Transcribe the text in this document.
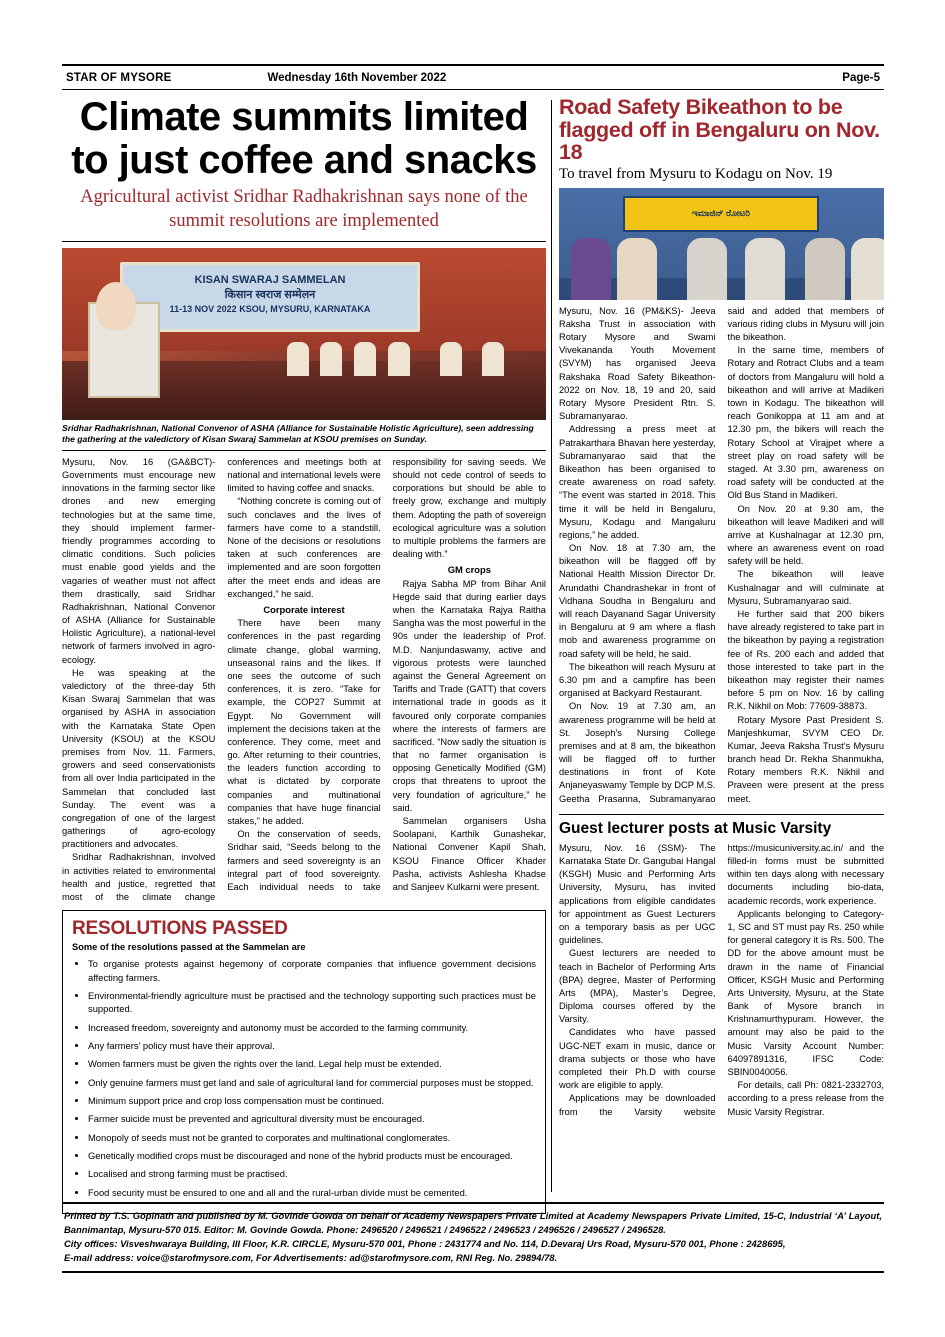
STAR OF MYSORE	Wednesday 16th November 2022	Page-5
Climate summits limited to just coffee and snacks
Agricultural activist Sridhar Radhakrishnan says none of the summit resolutions are implemented
KISAN SWARAJ SAMMELAN
किसान स्वराज सम्मेलन
11-13 NOV 2022 KSOU, MYSURU, KARNATAKA
Sridhar Radhakrishnan, National Convenor of ASHA (Alliance for Sustainable Holistic Agriculture), seen addressing the gathering at the valedictory of Kisan Swaraj Sammelan at KSOU premises on Sunday.

Mysuru, Nov. 16 (GA&BCT)- Governments must encourage new innovations in the farming sector like drones and new emerging technologies but at the same time, they should implement farmer-friendly programmes according to climatic conditions. Such policies must enable good yields and the vagaries of weather must not affect them drastically, said Sridhar Radhakrishnan, National Convenor of ASHA (Alliance for Sustainable Holistic Agriculture), a national-level network of farmers involved in agro-ecology.

He was speaking at the valedictory of the three-day 5th Kisan Swaraj Sammelan that was organised by ASHA in association with the Karnataka State Open University (KSOU) at the KSOU premises from Nov. 11. Farmers, growers and seed conservationists from all over India participated in the Sammelan that concluded last Sunday. The event was a congregation of one of the largest gatherings of agro-ecology practitioners and advocates.

Sridhar Radhakrishnan, involved in activities related to environmental health and justice, regretted that most of the climate change conferences and meetings both at national and international levels were limited to having coffee and snacks.

“Nothing concrete is coming out of such conclaves and the lives of farmers have come to a standstill. None of the decisions or resolutions taken at such conferences are implemented and are soon forgotten after the meet ends and ideas are exchanged,” he said.

Corporate interest

There have been many conferences in the past regarding climate change, global warming, unseasonal rains and the likes. If one sees the outcome of such conferences, it is zero. “Take for example, the COP27 Summit at Egypt. No Government will implement the decisions taken at the conference. They come, meet and go. After returning to their countries, the leaders function according to what is dictated by corporate companies and multinational companies that have huge financial stakes,” he added.

On the conservation of seeds, Sridhar said, “Seeds belong to the farmers and seed sovereignty is an integral part of food sovereignty. Each individual needs to take responsibility for saving seeds. We should not cede control of seeds to corporations but should be able to freely grow, exchange and multiply them. Adopting the path of sovereign ecological agriculture was a solution to multiple problems the farmers are dealing with.”

GM crops

Rajya Sabha MP from Bihar Anil Hegde said that during earlier days when the Karnataka Rajya Raitha Sangha was the most powerful in the 90s under the leadership of Prof. M.D. Nanjundaswamy, active and vigorous protests were launched against the General Agreement on Tariffs and Trade (GATT) that covers international trade in goods as it favoured only corporate companies where the interests of farmers are sacrificed. “Now sadly the situation is that no farmer organisation is opposing Genetically Modified (GM) crops that threatens to uproot the very foundation of agriculture,” he said.

Sammelan organisers Usha Soolapani, Karthik Gunashekar, National Convener Kapil Shah, KSOU Finance Officer Khader Pasha, activists Ashlesha Khadse and Sanjeev Kulkarni were present.

RESOLUTIONS PASSED
Some of the resolutions passed at the Sammelan are
• To organise protests against hegemony of corporate companies that influence government decisions affecting farmers.
• Environmental-friendly agriculture must be practised and the technology supporting such practices must be supported.
• Increased freedom, sovereignty and autonomy must be accorded to the farming community.
• Any farmers’ policy must have their approval.
• Women farmers must be given the rights over the land. Legal help must be extended.
• Only genuine farmers must get land and sale of agricultural land for commercial purposes must be stopped.
• Minimum support price and crop loss compensation must be continued.
• Farmer suicide must be prevented and agricultural diversity must be encouraged.
• Monopoly of seeds must not be granted to corporates and multinational conglomerates.
• Genetically modified crops must be discouraged and none of the hybrid products must be encouraged.
• Localised and strong farming must be practised.
• Food security must be ensured to one and all and the rural-urban divide must be cemented.
Road Safety Bikeathon to be flagged off in Bengaluru on Nov. 18
To travel from Mysuru to Kodagu on Nov. 19
ಇಮಾಜಿನ್ ರೋಟರಿ

Mysuru, Nov. 16 (PM&KS)- Jeeva Raksha Trust in association with Rotary Mysore and Swami Vivekananda Youth Movement (SVYM) has organised Jeeva Rakshaka Road Safety Bikeathon-2022 on Nov. 18, 19 and 20, said Rotary Mysore President Rtn. S. Subramanyarao.

Addressing a press meet at Patrakarthara Bhavan here yesterday, Subramanyarao said that the Bikeathon has been organised to create awareness on road safety. “The event was started in 2018. This time it will be held in Bengaluru, Mysuru, Kodagu and Mangaluru regions,” he added.

On Nov. 18 at 7.30 am, the bikeathon will be flagged off by National Health Mission Director Dr. Arundathi Chandrashekar in front of Vidhana Soudha in Bengaluru and will reach Dayanand Sagar University in Bengaluru at 9 am where a flash mob and awareness programme on road safety will be held, he said.

The bikeathon will reach Mysuru at 6.30 pm and a campfire has been organised at Backyard Restaurant.

On Nov. 19 at 7.30 am, an awareness programme will be held at St. Joseph’s Nursing College premises and at 8 am, the bikeathon will be flagged off to further destinations in front of Kote Anjaneyaswamy Temple by DCP M.S. Geetha Prasanna, Subramanyarao said and added that members of various riding clubs in Mysuru will join the bikeathon.

In the same time, members of Rotary and Rotract Clubs and a team of doctors from Mangaluru will hold a bikeathon and will arrive at Madikeri town in Kodagu. The bikeathon will reach Gonikoppa at 11 am and at 12.30 pm, the bikers will reach the Rotary School at Virajpet where a street play on road safety will be staged. At 3.30 pm, awareness on road safety will be conducted at the Old Bus Stand in Madikeri.

On Nov. 20 at 9.30 am, the bikeathon will leave Madikeri and will arrive at Kushalnagar at 12.30 pm, where an awareness event on road safety will be held.

The bikeathon will leave Kushalnagar and will culminate at Mysuru, Subramanyarao said.

He further said that 200 bikers have already registered to take part in the bikeathon by paying a registration fee of Rs. 200 each and added that those interested to take part in the bikeathon may register their names before 5 pm on Nov. 16 by calling R.K. Nikhil on Mob: 77609-38873.

Rotary Mysore Past President S. Manjeshkumar, SVYM CEO Dr. Kumar, Jeeva Raksha Trust’s Mysuru branch head Dr. Rekha Shanmukha, Rotary members R.K. Nikhil and Praveen were present at the press meet.

Guest lecturer posts at Music Varsity

Mysuru, Nov. 16 (SSM)- The Karnataka State Dr. Gangubai Hangal (KSGH) Music and Performing Arts University, Mysuru, has invited applications from eligible candidates for appointment as Guest Lecturers on a temporary basis as per UGC guidelines.

Guest lecturers are needed to teach in Bachelor of Performing Arts (BPA) degree, Master of Performing Arts (MPA), Master’s Degree, Diploma courses offered by the Varsity.

Candidates who have passed UGC-NET exam in music, dance or drama subjects or those who have completed their Ph.D with course work are eligible to apply.

Applications may be downloaded from the Varsity website https://musicuniversity.ac.in/ and the filled-in forms must be submitted within ten days along with necessary documents including bio-data, academic records, work experience.

Applicants belonging to Category- 1, SC and ST must pay Rs. 250 while for general category it is Rs. 500. The DD for the above amount must be drawn in the name of Financial Officer, KSGH Music and Performing Arts University, Mysuru, at the State Bank of Mysore branch in Krishnamurthypuram. However, the amount may also be paid to the Music Varsity Account Number: 64097891316, IFSC Code: SBIN0040056.

For details, call Ph: 0821-2332703, according to a press release from the Music Varsity Registrar.

Printed by T.S. Gopinath and published by M. Govinde Gowda on behalf of Academy Newspapers Private Limited at Academy Newspapers Private Limited, 15-C, Industrial ‘A’ Layout, Bannimantap, Mysuru-570 015. Editor: M. Govinde Gowda. Phone: 2496520 / 2496521 / 2496522 / 2496523 / 2496526 / 2496527 / 2496528.
City offices: Visveshwaraya Building, III Floor, K.R. CIRCLE, Mysuru-570 001, Phone : 2431774 and No. 114, D.Devaraj Urs Road, Mysuru-570 001, Phone : 2428695,
E-mail address: voice@starofmysore.com, For Advertisements: ad@starofmysore.com, RNI Reg. No. 29894/78.
